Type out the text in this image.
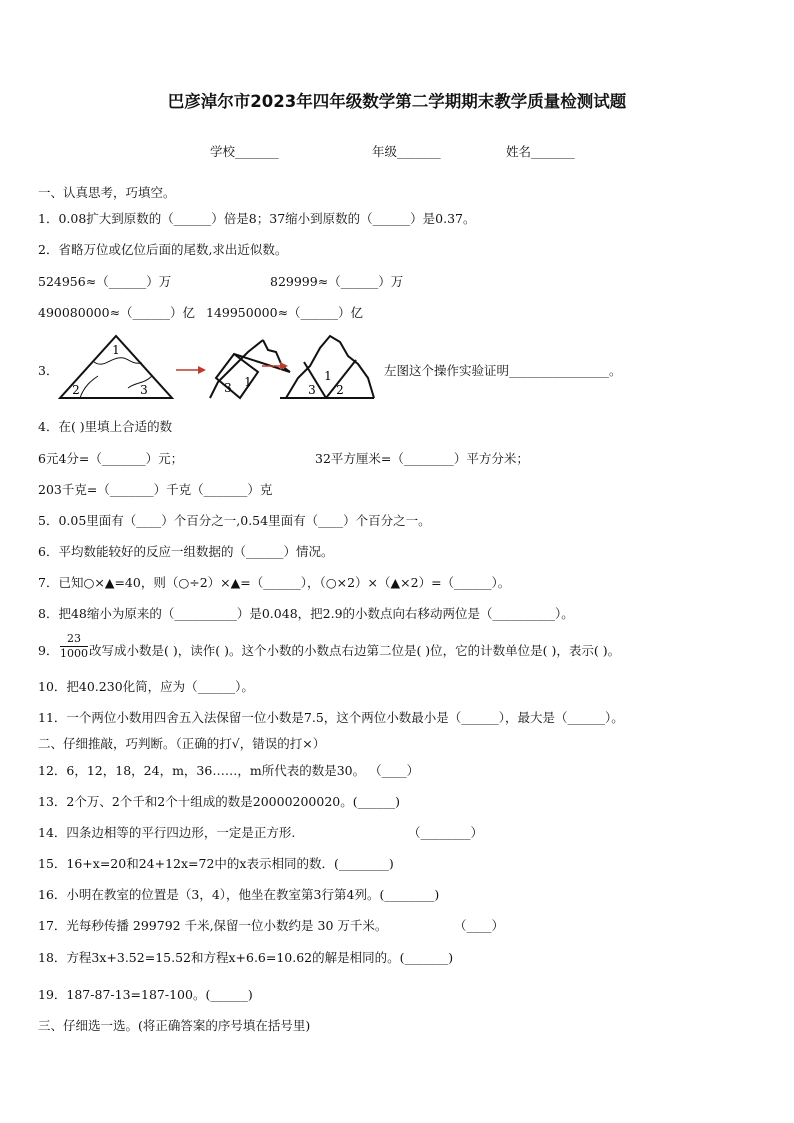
巴彦淖尔市2023年四年级数学第二学期期末教学质量检测试题
学校_______	年级_______	姓名_______
一、认真思考，巧填空。
1．0.08扩大到原数的（______）倍是8；37缩小到原数的（______）是0.37。
2．省略万位或亿位后面的尾数,求出近似数。
524956≈（______）万	829999≈（______）万
490080000≈（______）亿 149950000≈（______）亿
3．
1
2	3	3 1
3 2
1	左图这个操作实验证明________________。
4．在( )里填上合适的数
6元4分=（_______）元；	32平方厘米=（________）平方分米；
203千克=（_______）千克（_______）克
5．0.05里面有（____）个百分之一,0.54里面有（____）个百分之一。
6．平均数能较好的反应一组数据的（______）情况。
7．已知○×▲=40，则（○÷2）×▲=（______），（○×2）×（▲×2）=（______）。
8．把48缩小为原来的（__________）是0.048，把2.9的小数点向右移动两位是（__________）。
9． $\frac{23}{1000}$ 改写成小数是( )，读作( )。这个小数的小数点右边第二位是( )位，它的计数单位是( )，表示( )。
10．把40.230化简，应为（______）。
11．一个两位小数用四舍五入法保留一位小数是7.5，这个两位小数最小是（______），最大是（______）。
二、仔细推敲，巧判断。（正确的打√，错误的打×）
12．6，12，18，24，m，36……，m所代表的数是30。 （____）
13．2个万、2个千和2个十组成的数是20000200020。(______)
14．四条边相等的平行四边形，一定是正方形.	（________）
15．16+x=20和24+12x=72中的x表示相同的数．(________)
16．小明在教室的位置是（3，4），他坐在教室第3行第4列。(________)
17．光每秒传播 299792 千米,保留一位小数约是 30 万千米。	（____）
18．方程3x+3.52=15.52和方程x+6.6=10.62的解是相同的。(_______)
19．187-87-13=187-100。(______)
三、仔细选一选。(将正确答案的序号填在括号里)
